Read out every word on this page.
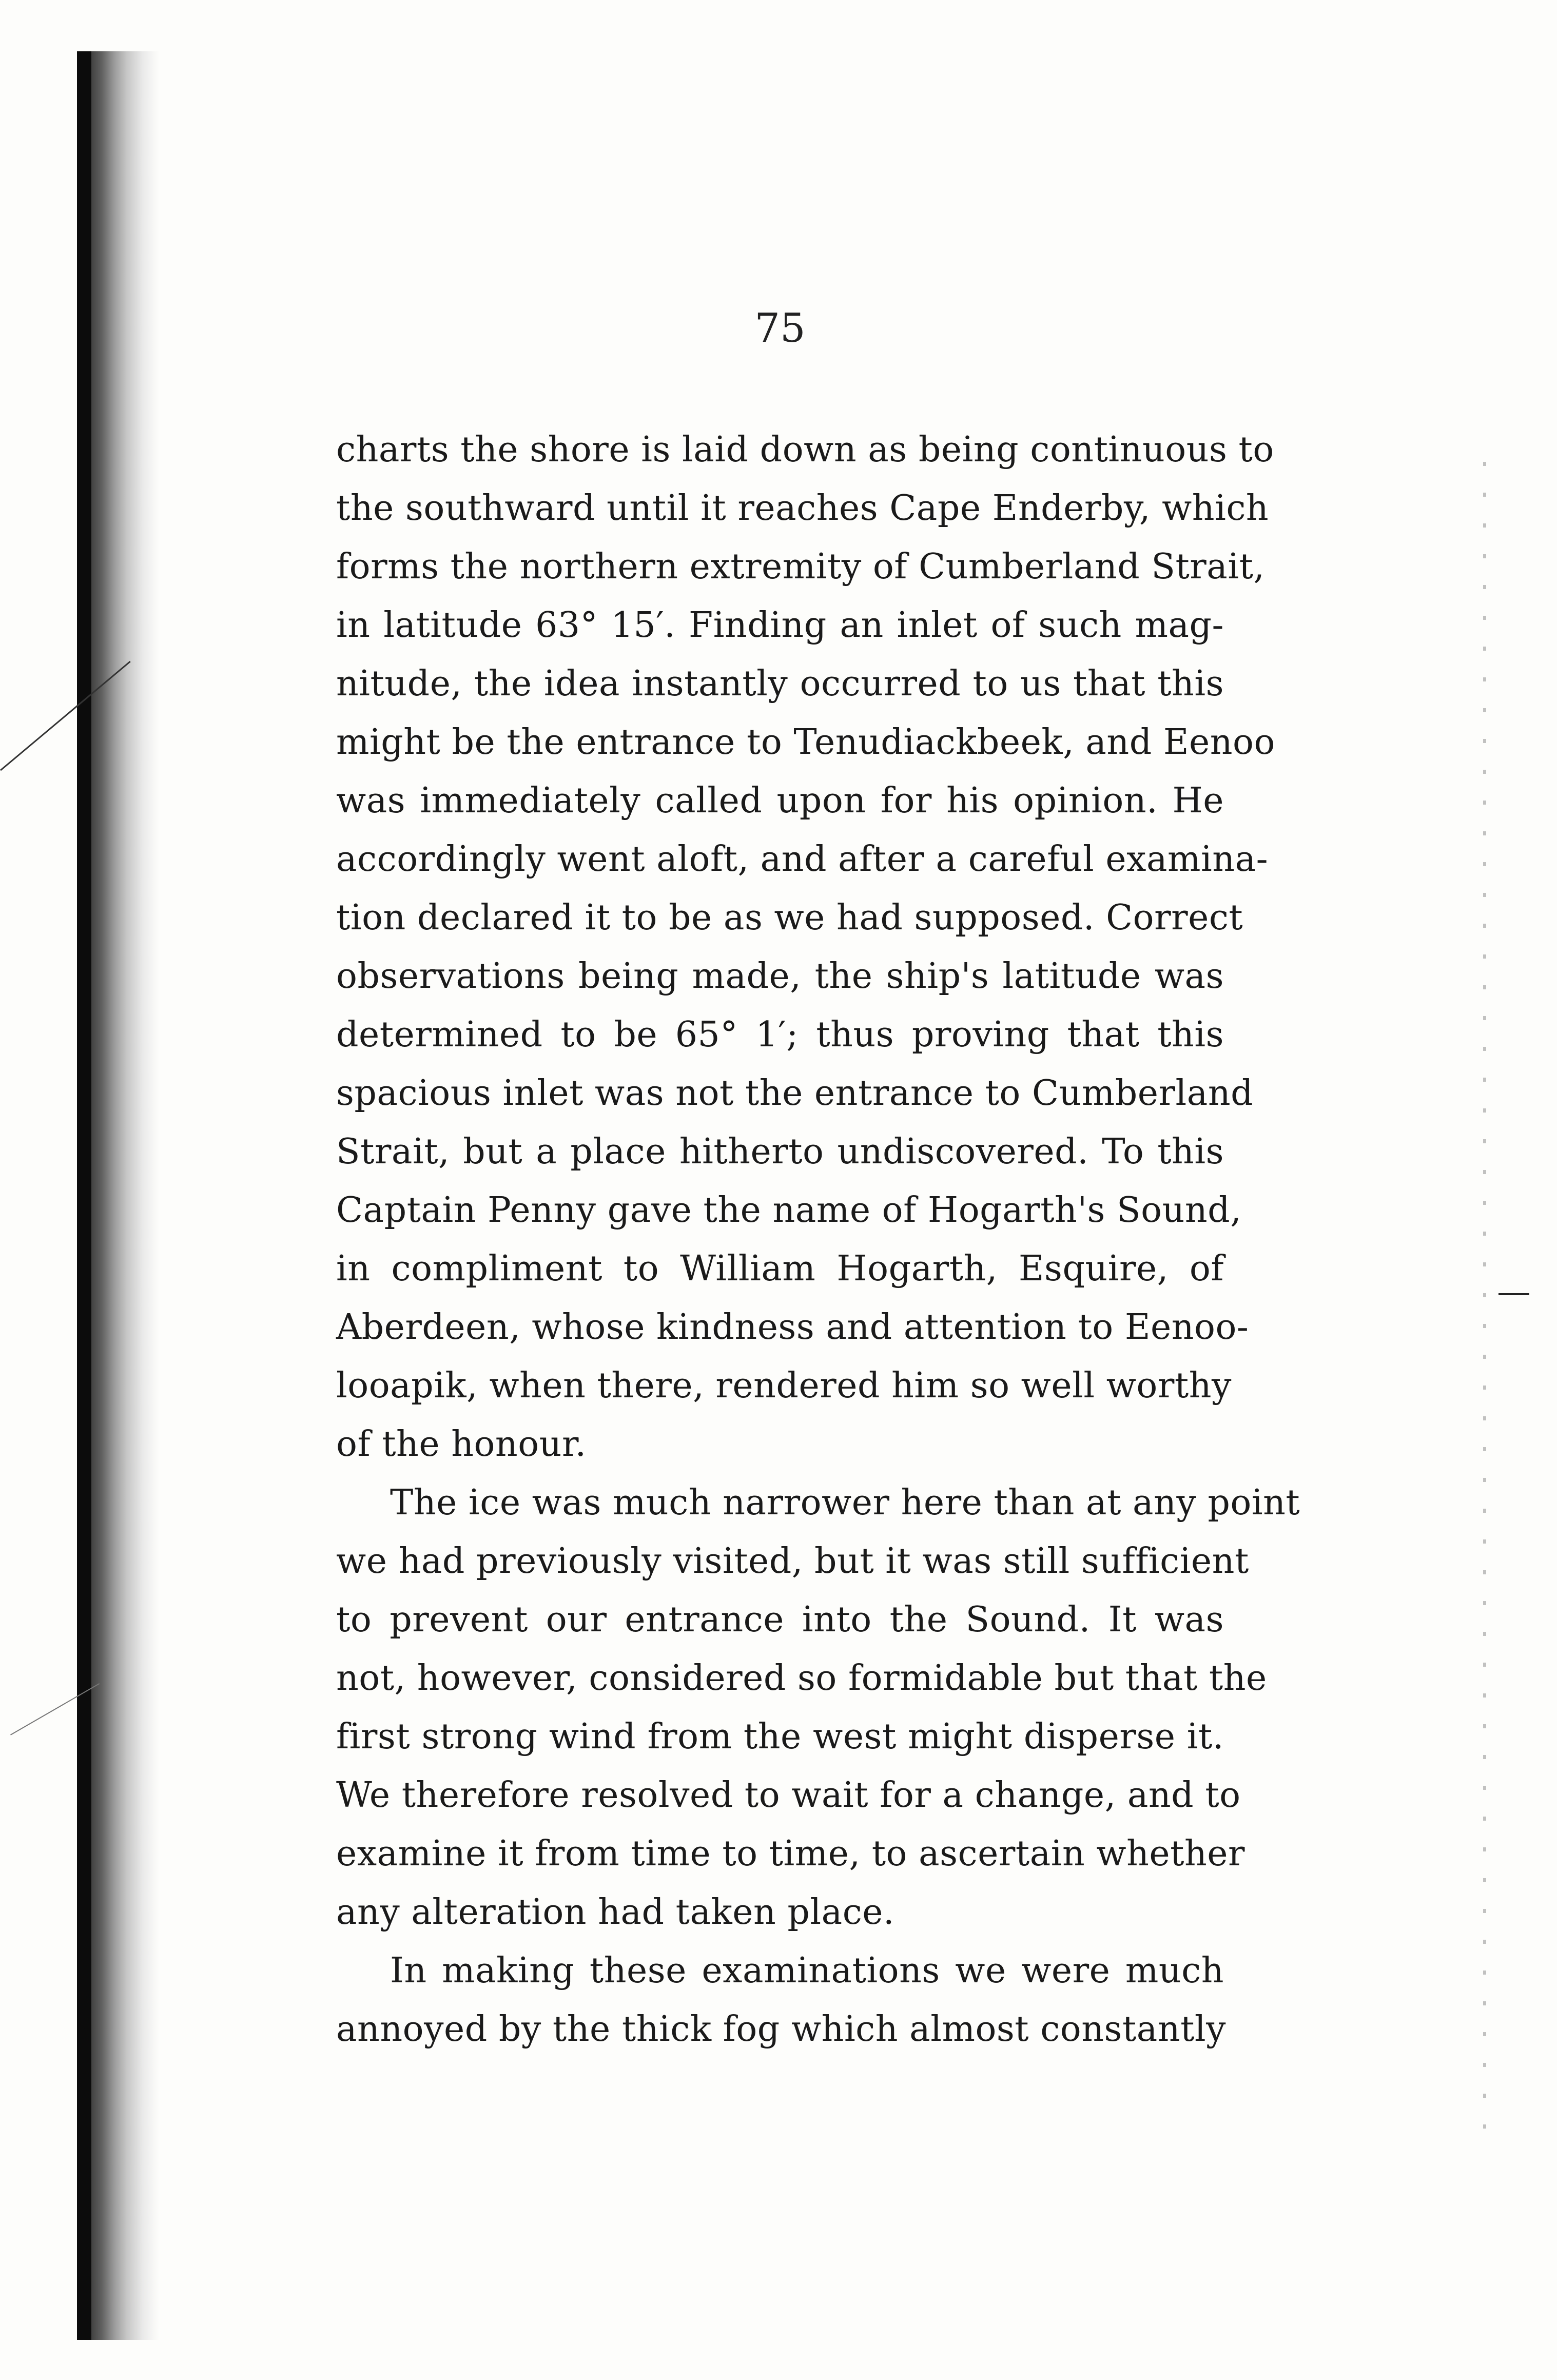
75
charts the shore is laid down as being continuous to
the southward until it reaches Cape Enderby, which
forms the northern extremity of Cumberland Strait,
in latitude 63° 15′. Finding an inlet of such mag-
nitude, the idea instantly occurred to us that this
might be the entrance to Tenudiackbeek, and Eenoo
was immediately called upon for his opinion. He
accordingly went aloft, and after a careful examina-
tion declared it to be as we had supposed. Correct
observations being made, the ship's latitude was
determined to be 65° 1′; thus proving that this
spacious inlet was not the entrance to Cumberland
Strait, but a place hitherto undiscovered. To this
Captain Penny gave the name of Hogarth's Sound,
in compliment to William Hogarth, Esquire, of
Aberdeen, whose kindness and attention to Eenoo-
looapik, when there, rendered him so well worthy
of the honour.
The ice was much narrower here than at any point
we had previously visited, but it was still sufficient
to prevent our entrance into the Sound. It was
not, however, considered so formidable but that the
first strong wind from the west might disperse it.
We therefore resolved to wait for a change, and to
examine it from time to time, to ascertain whether
any alteration had taken place.
In making these examinations we were much
annoyed by the thick fog which almost constantly
